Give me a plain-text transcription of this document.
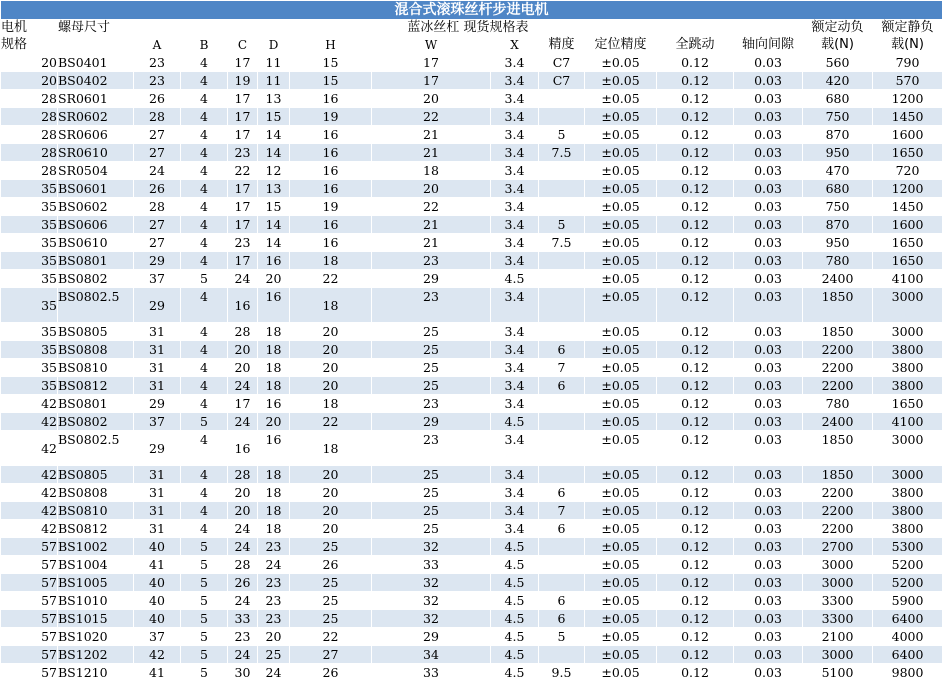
混合式滚珠丝杆步进电机														
电机	螺母尺寸	蓝冰丝杠 现货规格表											额定动负	额定静负
规格		A	B	C	D	H	W	X	精度	定位精度	全跳动	轴向间隙	载(N)	载(N)
20	BS0401	23	4	17	11	15	17	3.4	C7	±0.05	0.12	0.03	560	790
20	BS0402	23	4	19	11	15	17	3.4	C7	±0.05	0.12	0.03	420	570
28	SR0601	26	4	17	13	16	20	3.4		±0.05	0.12	0.03	680	1200
28	SR0602	28	4	17	15	19	22	3.4		±0.05	0.12	0.03	750	1450
28	SR0606	27	4	17	14	16	21	3.4	5	±0.05	0.12	0.03	870	1600
28	SR0610	27	4	23	14	16	21	3.4	7.5	±0.05	0.12	0.03	950	1650
28	SR0504	24	4	22	12	16	18	3.4		±0.05	0.12	0.03	470	720
35	BS0601	26	4	17	13	16	20	3.4		±0.05	0.12	0.03	680	1200
35	BS0602	28	4	17	15	19	22	3.4		±0.05	0.12	0.03	750	1450
35	BS0606	27	4	17	14	16	21	3.4	5	±0.05	0.12	0.03	870	1600
35	BS0610	27	4	23	14	16	21	3.4	7.5	±0.05	0.12	0.03	950	1650
35	BS0801	29	4	17	16	18	23	3.4		±0.05	0.12	0.03	780	1650
35	BS0802	37	5	24	20	22	29	4.5		±0.05	0.12	0.03	2400	4100
35	BS0802.5	29	4	16	16	18	23	3.4		±0.05	0.12	0.03	1850	3000
35	BS0805	31	4	28	18	20	25	3.4		±0.05	0.12	0.03	1850	3000
35	BS0808	31	4	20	18	20	25	3.4	6	±0.05	0.12	0.03	2200	3800
35	BS0810	31	4	20	18	20	25	3.4	7	±0.05	0.12	0.03	2200	3800
35	BS0812	31	4	24	18	20	25	3.4	6	±0.05	0.12	0.03	2200	3800
42	BS0801	29	4	17	16	18	23	3.4		±0.05	0.12	0.03	780	1650
42	BS0802	37	5	24	20	22	29	4.5		±0.05	0.12	0.03	2400	4100
42	BS0802.5	29	4	16	16	18	23	3.4		±0.05	0.12	0.03	1850	3000
42	BS0805	31	4	28	18	20	25	3.4		±0.05	0.12	0.03	1850	3000
42	BS0808	31	4	20	18	20	25	3.4	6	±0.05	0.12	0.03	2200	3800
42	BS0810	31	4	20	18	20	25	3.4	7	±0.05	0.12	0.03	2200	3800
42	BS0812	31	4	24	18	20	25	3.4	6	±0.05	0.12	0.03	2200	3800
57	BS1002	40	5	24	23	25	32	4.5		±0.05	0.12	0.03	2700	5300
57	BS1004	41	5	28	24	26	33	4.5		±0.05	0.12	0.03	3000	5200
57	BS1005	40	5	26	23	25	32	4.5		±0.05	0.12	0.03	3000	5200
57	BS1010	40	5	24	23	25	32	4.5	6	±0.05	0.12	0.03	3300	5900
57	BS1015	40	5	33	23	25	32	4.5	6	±0.05	0.12	0.03	3300	6400
57	BS1020	37	5	23	20	22	29	4.5	5	±0.05	0.12	0.03	2100	4000
57	BS1202	42	5	24	25	27	34	4.5		±0.05	0.12	0.03	3000	6400
57	BS1210	41	5	30	24	26	33	4.5	9.5	±0.05	0.12	0.03	5100	9800
